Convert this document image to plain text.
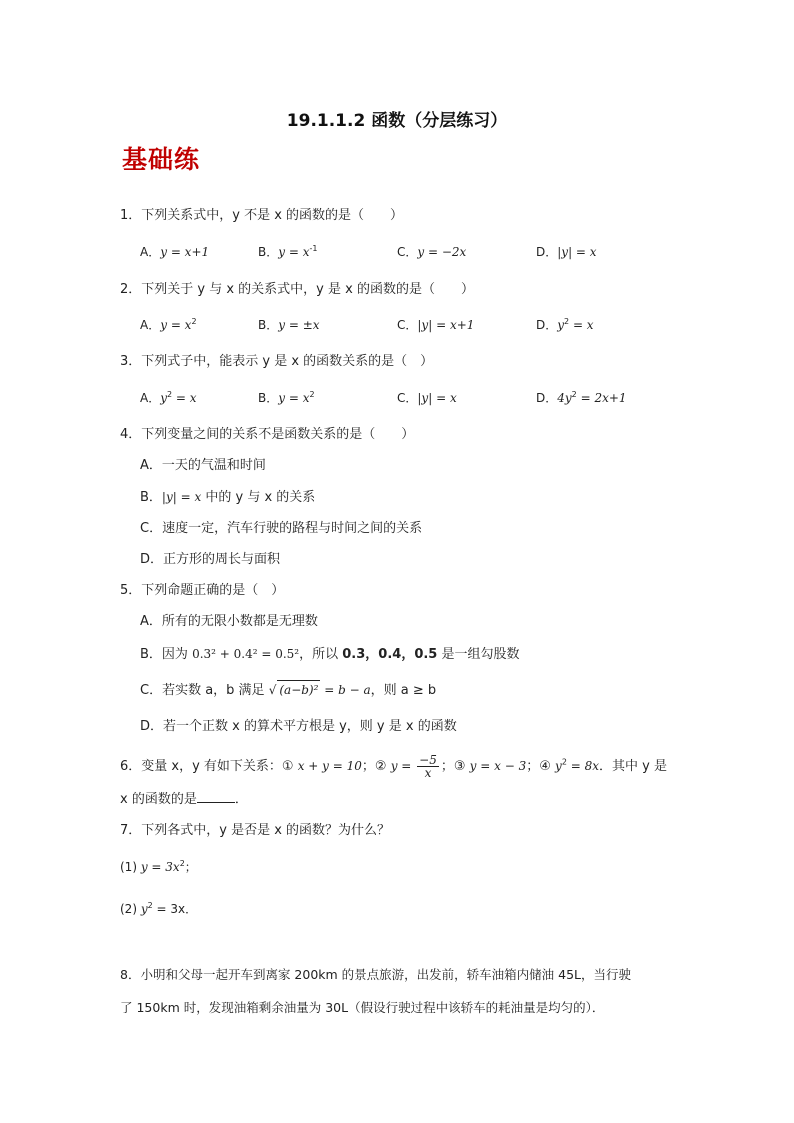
19.1.1.2 函数（分层练习）
基础练
1．下列关系式中，y 不是 x 的函数的是（　　）
A．y = x+1	B．$y = x^{-1}$	C．y = −2x	D．|y| = x
2．下列关于 y 与 x 的关系式中，y 是 x 的函数的是（　　）
A．$y = x^2$	B．y = ±x	C．|y| = x+1	D．$y^2 = x$
3．下列式子中，能表示 y 是 x 的函数关系的是（　）
A．$y^2 = x$	B．$y = x^2$	C．|y| = x	D．$4y^2 = 2x+1$
4．下列变量之间的关系不是函数关系的是（　　）
A．一天的气温和时间
B．|y| = x 中的 y 与 x 的关系
C．速度一定，汽车行驶的路程与时间之间的关系
D．正方形的周长与面积
5．下列命题正确的是（　）
A．所有的无限小数都是无理数
B．因为 0.3² + 0.4² = 0.5²，所以 0.3，0.4，0.5 是一组勾股数
C．若实数 a，b 满足 √ (a−b)² = b − a，则 a ≥ b
D．若一个正数 x 的算术平方根是 y，则 y 是 x 的函数
6．变量 x，y 有如下关系：① x + y = 10；② $y = \frac{-5}{x}$ ；③ y = x − 3；④ $y^2 = 8x$．其中 y 是
x 的函数的是	．
7．下列各式中，y 是否是 x 的函数？为什么？
(1) $y = 3x^2$；
(2) $y^2 = 3x$．
8．小明和父母一起开车到离家 200km 的景点旅游，出发前，轿车油箱内储油 45L，当行驶
了 150km 时，发现油箱剩余油量为 30L（假设行驶过程中该轿车的耗油量是均匀的）．
